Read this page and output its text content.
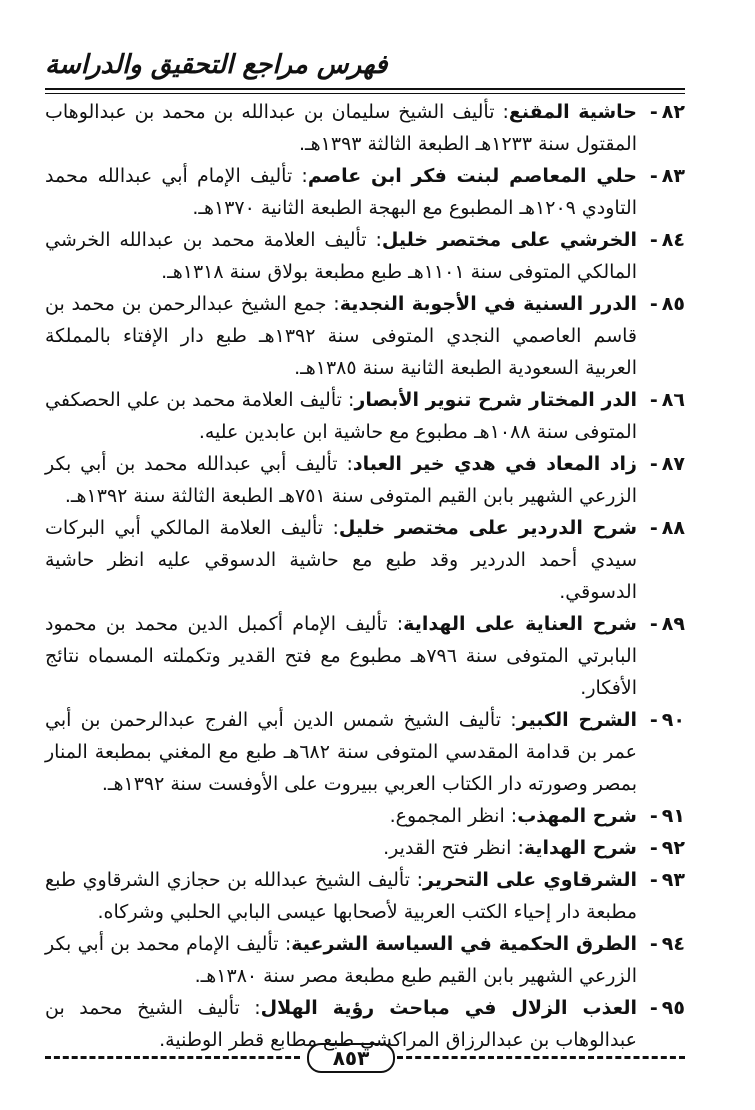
فهرس مراجع التحقيق والدراسة
٨٢-
حاشية المقنع: تأليف الشيخ سليمان بن عبدالله بن محمد بن عبدالوهاب المقتول سنة ١٢٣٣هـ الطبعة الثالثة ١٣٩٣هـ.
٨٣-
حلي المعاصم لبنت فكر ابن عاصم: تأليف الإمام أبي عبدالله محمد التاودي ١٢٠٩هـ المطبوع مع البهجة الطبعة الثانية ١٣٧٠هـ.
٨٤-
الخرشي على مختصر خليل: تأليف العلامة محمد بن عبدالله الخرشي المالكي المتوفى سنة ١١٠١هـ طبع مطبعة بولاق سنة ١٣١٨هـ.
٨٥-
الدرر السنية في الأجوبة النجدية: جمع الشيخ عبدالرحمن بن محمد بن قاسم العاصمي النجدي المتوفى سنة ١٣٩٢هـ طبع دار الإفتاء بالمملكة العربية السعودية الطبعة الثانية سنة ١٣٨٥هـ.
٨٦-
الدر المختار شرح تنوير الأبصار: تأليف العلامة محمد بن علي الحصكفي المتوفى سنة ١٠٨٨هـ مطبوع مع حاشية ابن عابدين عليه.
٨٧-
زاد المعاد في هدي خير العباد: تأليف أبي عبدالله محمد بن أبي بكر الزرعي الشهير بابن القيم المتوفى سنة ٧٥١هـ الطبعة الثالثة سنة ١٣٩٢هـ.
٨٨-
شرح الدردير على مختصر خليل: تأليف العلامة المالكي أبي البركات سيدي أحمد الدردير وقد طبع مع حاشية الدسوقي عليه انظر حاشية الدسوقي.
٨٩-
شرح العناية على الهداية: تأليف الإمام أكمبل الدين محمد بن محمود البابرتي المتوفى سنة ٧٩٦هـ مطبوع مع فتح القدير وتكملته المسماه نتائج الأفكار.
٩٠-
الشرح الكبير: تأليف الشيخ شمس الدين أبي الفرج عبدالرحمن بن أبي عمر بن قدامة المقدسي المتوفى سنة ٦٨٢هـ طبع مع المغني بمطبعة المنار بمصر وصورته دار الكتاب العربي ببيروت على الأوفست سنة ١٣٩٢هـ.
٩١-
شرح المهذب: انظر المجموع.
٩٢-
شرح الهداية: انظر فتح القدير.
٩٣-
الشرقاوي على التحرير: تأليف الشيخ عبدالله بن حجازي الشرقاوي طبع مطبعة دار إحياء الكتب العربية لأصحابها عيسى البابي الحلبي وشركاه.
٩٤-
الطرق الحكمية في السياسة الشرعية: تأليف الإمام محمد بن أبي بكر الزرعي الشهير بابن القيم طبع مطبعة مصر سنة ١٣٨٠هـ.
٩٥-
العذب الزلال في مباحث رؤية الهلال: تأليف الشيخ محمد بن عبدالوهاب بن عبدالرزاق المراكشي طبع مطابع قطر الوطنية.
٨٥٣
